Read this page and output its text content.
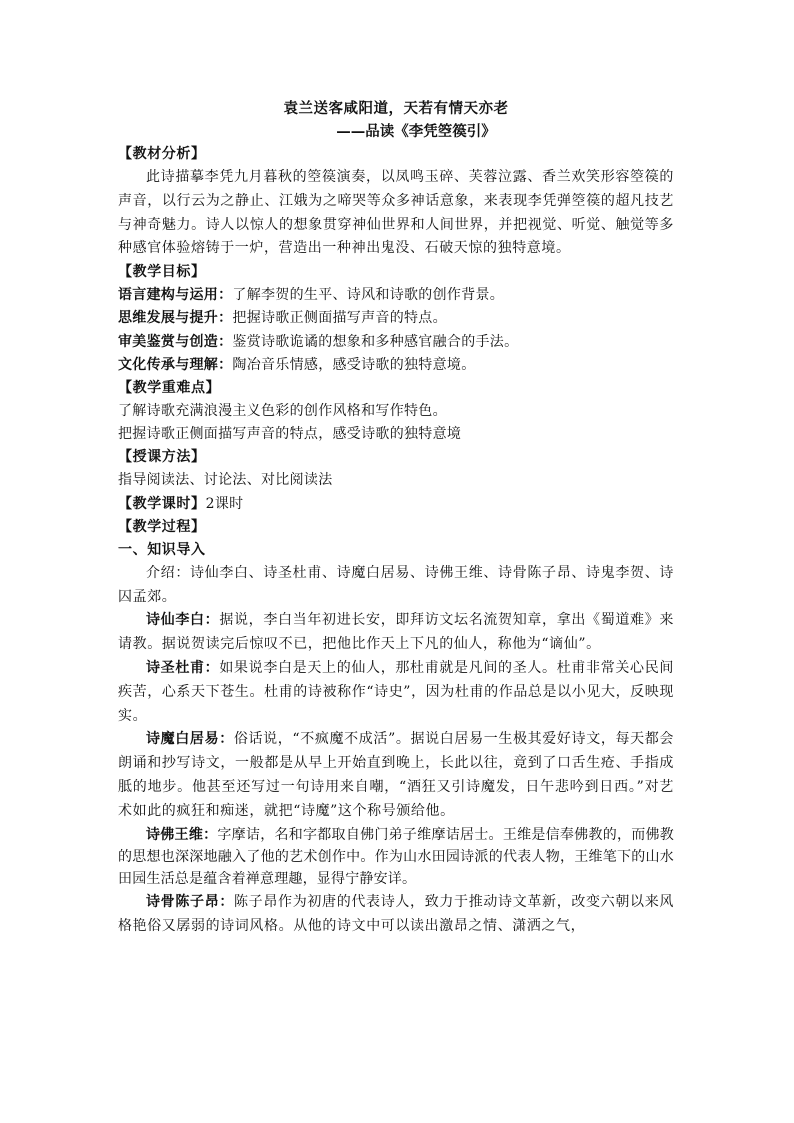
袁兰送客咸阳道，天若有情天亦老
——品读《李凭箜篌引》
【教材分析】
此诗描摹李凭九月暮秋的箜篌演奏，以凤鸣玉碎、芙蓉泣露、香兰欢笑形容箜篌的声音，以行云为之静止、江娥为之啼哭等众多神话意象，来表现李凭弹箜篌的超凡技艺与神奇魅力。诗人以惊人的想象贯穿神仙世界和人间世界，并把视觉、听觉、触觉等多种感官体验熔铸于一炉，营造出一种神出鬼没、石破天惊的独特意境。
【教学目标】
语言建构与运用：了解李贺的生平、诗风和诗歌的创作背景。
思维发展与提升：把握诗歌正侧面描写声音的特点。
审美鉴赏与创造：鉴赏诗歌诡谲的想象和多种感官融合的手法。
文化传承与理解：陶冶音乐情感，感受诗歌的独特意境。
【教学重难点】
了解诗歌充满浪漫主义色彩的创作风格和写作特色。
把握诗歌正侧面描写声音的特点，感受诗歌的独特意境
【授课方法】
指导阅读法、讨论法、对比阅读法
【教学课时】2课时
【教学过程】
一、知识导入
介绍：诗仙李白、诗圣杜甫、诗魔白居易、诗佛王维、诗骨陈子昂、诗鬼李贺、诗囚孟郊。
诗仙李白：据说，李白当年初进长安，即拜访文坛名流贺知章，拿出《蜀道难》来请教。据说贺读完后惊叹不已，把他比作天上下凡的仙人，称他为“谪仙”。
诗圣杜甫：如果说李白是天上的仙人，那杜甫就是凡间的圣人。杜甫非常关心民间疾苦，心系天下苍生。杜甫的诗被称作“诗史”，因为杜甫的作品总是以小见大，反映现实。
诗魔白居易：俗话说，“不疯魔不成活”。据说白居易一生极其爱好诗文，每天都会朗诵和抄写诗文，一般都是从早上开始直到晚上，长此以往，竟到了口舌生疮、手指成胝的地步。他甚至还写过一句诗用来自嘲，“酒狂又引诗魔发，日午悲吟到日西。”对艺术如此的疯狂和痴迷，就把“诗魔”这个称号颁给他。
诗佛王维：字摩诘，名和字都取自佛门弟子维摩诘居士。王维是信奉佛教的，而佛教的思想也深深地融入了他的艺术创作中。作为山水田园诗派的代表人物，王维笔下的山水田园生活总是蕴含着禅意理趣，显得宁静安详。
诗骨陈子昂：陈子昂作为初唐的代表诗人，致力于推动诗文革新，改变六朝以来风格艳俗又孱弱的诗词风格。从他的诗文中可以读出激昂之情、潇洒之气，
